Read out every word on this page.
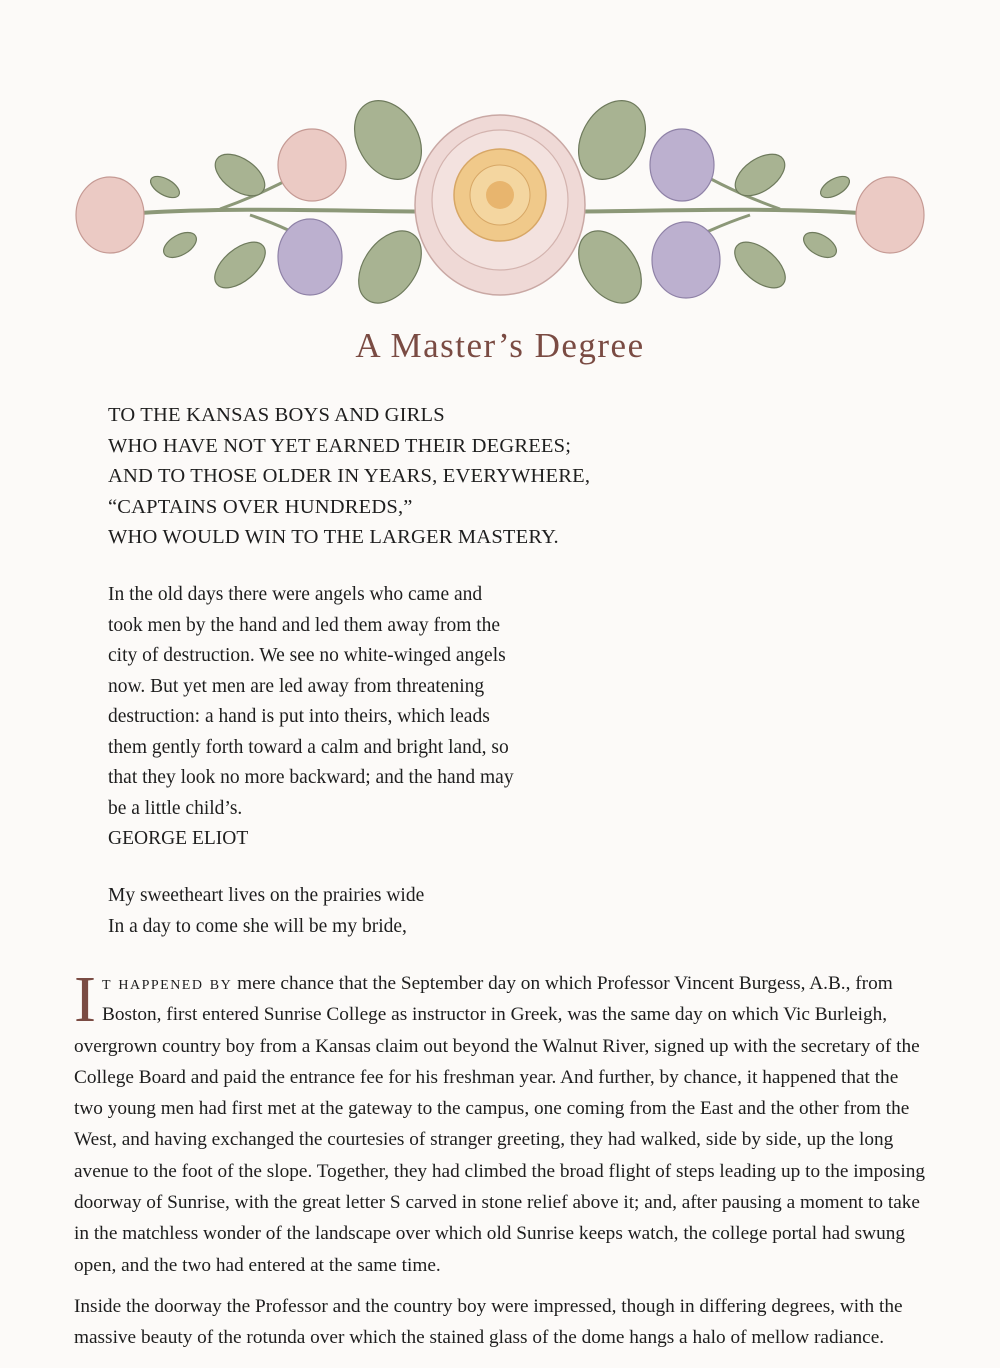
A Master’s Degree
TO THE KANSAS BOYS AND GIRLS
WHO HAVE NOT YET EARNED THEIR DEGREES;
AND TO THOSE OLDER IN YEARS, EVERYWHERE,
“CAPTAINS OVER HUNDREDS,”
WHO WOULD WIN TO THE LARGER MASTERY.
In the old days there were angels who came and
took men by the hand and led them away from the
city of destruction. We see no white-winged angels
now. But yet men are led away from threatening
destruction: a hand is put into theirs, which leads
them gently forth toward a calm and bright land, so
that they look no more backward; and the hand may
be a little child’s.
GEORGE ELIOT
My sweetheart lives on the prairies wide
In a day to come she will be my bride,

It happened by mere chance that the September day on which Professor Vincent Burgess, A.B., from Boston, first entered Sunrise College as instructor in Greek, was the same day on which Vic Burleigh, overgrown country boy from a Kansas claim out beyond the Walnut River, signed up with the secretary of the College Board and paid the entrance fee for his freshman year. And further, by chance, it happened that the two young men had first met at the gateway to the campus, one coming from the East and the other from the West, and having exchanged the courtesies of stranger greeting, they had walked, side by side, up the long avenue to the foot of the slope. Together, they had climbed the broad flight of steps leading up to the imposing doorway of Sunrise, with the great letter S carved in stone relief above it; and, after pausing a moment to take in the matchless wonder of the landscape over which old Sunrise keeps watch, the college portal had swung open, and the two had entered at the same time.

Inside the doorway the Professor and the country boy were impressed, though in differing degrees, with the massive beauty of the rotunda over which the stained glass of the dome hangs a halo of mellow radiance.
